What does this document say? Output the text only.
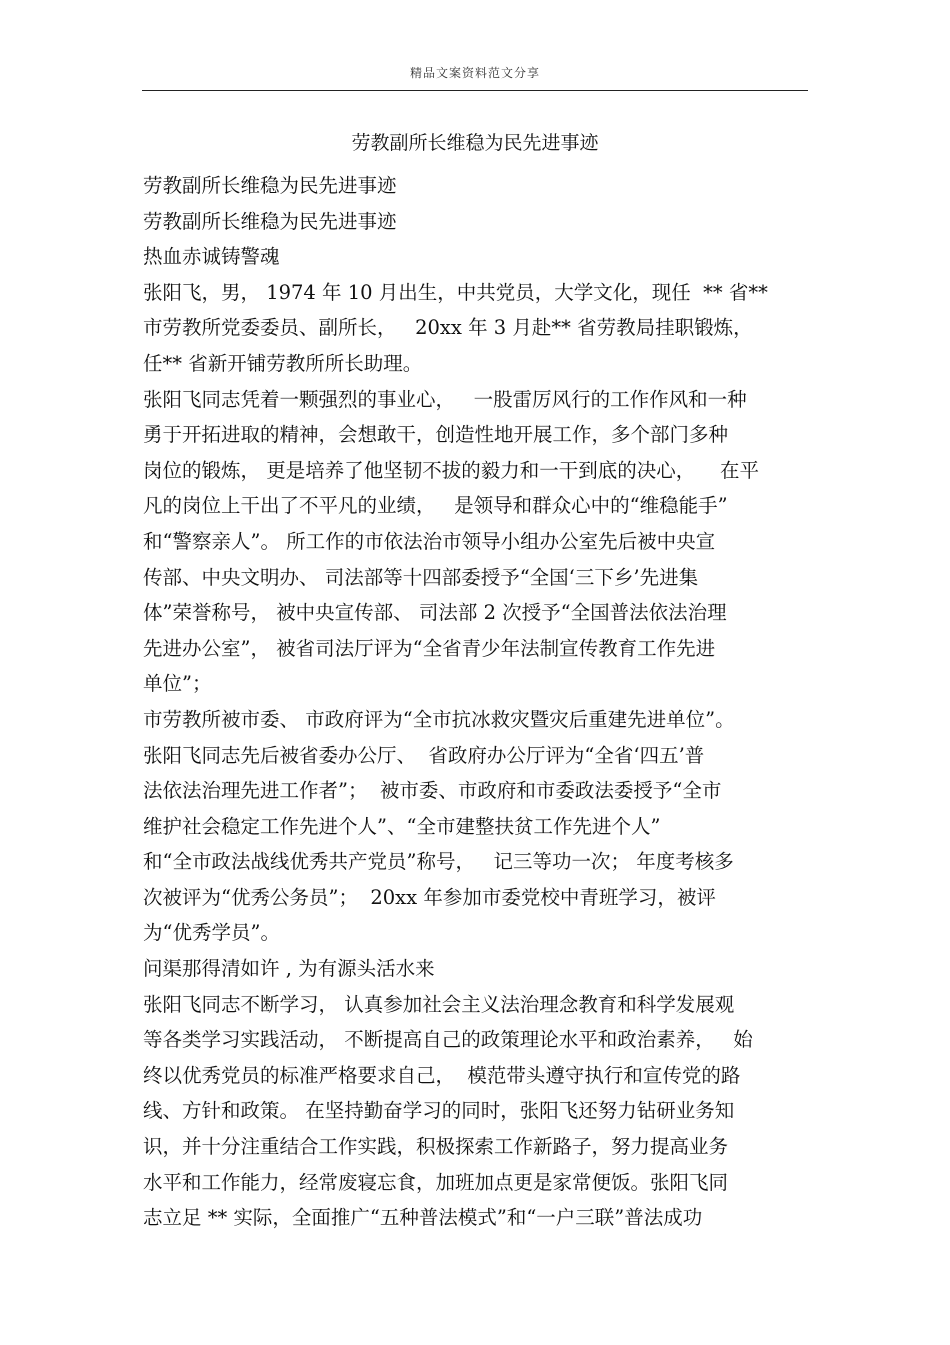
精品文案资料范文分享
劳教副所长维稳为民先进事迹
劳教副所长维稳为民先进事迹
劳教副所长维稳为民先进事迹
热血赤诚铸警魂
张阳飞，男， 1974 年 10 月出生，中共党员，大学文化，现任  ** 省**
市劳教所党委委员、副所长，   20xx 年 3 月赴** 省劳教局挂职锻炼，
任** 省新开铺劳教所所长助理。
张阳飞同志凭着一颗强烈的事业心，   一股雷厉风行的工作作风和一种
勇于开拓进取的精神，会想敢干，创造性地开展工作，多个部门多种
岗位的锻炼， 更是培养了他坚韧不拔的毅力和一干到底的决心，    在平
凡的岗位上干出了不平凡的业绩，   是领导和群众心中的“维稳能手”
和“警察亲人”。 所工作的市依法治市领导小组办公室先后被中央宣
传部、中央文明办、 司法部等十四部委授予“全国‘三下乡’先进集
体”荣誉称号， 被中央宣传部、 司法部 2 次授予“全国普法依法治理
先进办公室”， 被省司法厅评为“全省青少年法制宣传教育工作先进
单位”；
市劳教所被市委、 市政府评为“全市抗冰救灾暨灾后重建先进单位”。
张阳飞同志先后被省委办公厅、  省政府办公厅评为“全省‘四五’普
法依法治理先进工作者”；  被市委、市政府和市委政法委授予“全市
维护社会稳定工作先进个人”、“全市建整扶贫工作先进个人”
和“全市政法战线优秀共产党员”称号，   记三等功一次； 年度考核多
次被评为“优秀公务员”；  20xx 年参加市委党校中青班学习，被评
为“优秀学员”。
问渠那得清如许 , 为有源头活水来
张阳飞同志不断学习， 认真参加社会主义法治理念教育和科学发展观
等各类学习实践活动， 不断提高自己的政策理论水平和政治素养，   始
终以优秀党员的标准严格要求自己，  模范带头遵守执行和宣传党的路
线、方针和政策。 在坚持勤奋学习的同时，张阳飞还努力钻研业务知
识，并十分注重结合工作实践，积极探索工作新路子，努力提高业务
水平和工作能力，经常废寝忘食，加班加点更是家常便饭。张阳飞同
志立足 ** 实际，全面推广“五种普法模式”和“一户三联”普法成功
